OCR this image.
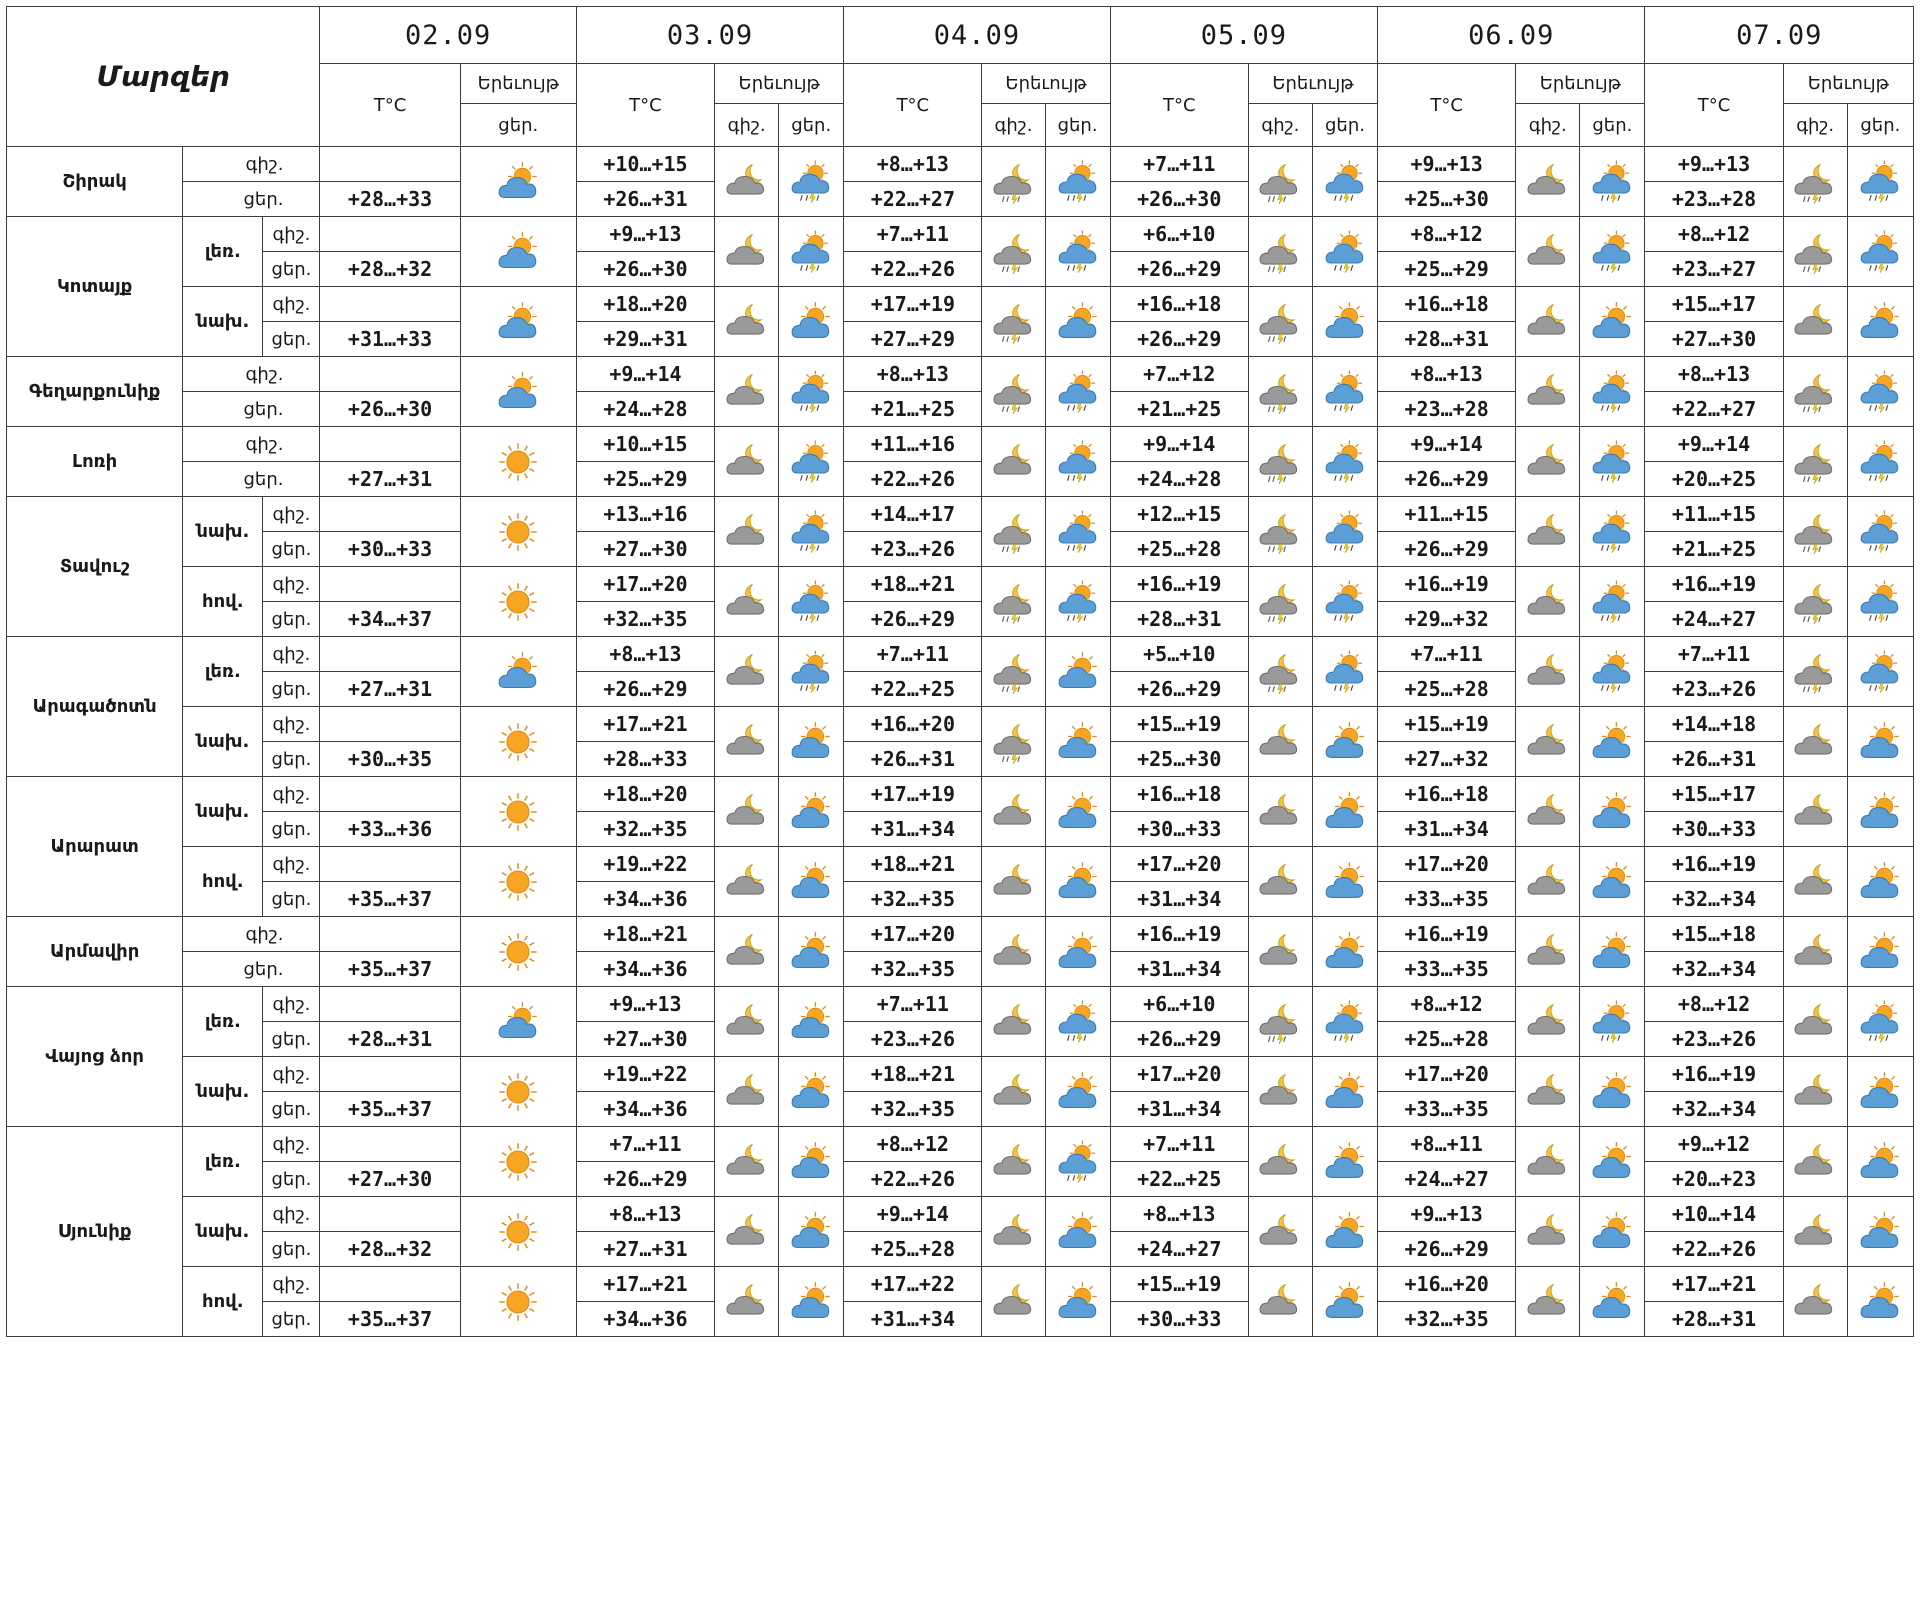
Մարզեր			02.09		03.09			04.09			05.09			06.09			07.09		
			T°C	Երեւույթ	T°C	Երեւույթ		T°C	Երեւույթ		T°C	Երեւույթ		T°C	Երեւույթ		T°C	Երեւույթ	
				ցեր.		գիշ.	ցեր.		գիշ.	ցեր.		գիշ.	ցեր.		գիշ.	ցեր.		գիշ.	ցեր.
Շիրակ	գիշ.				+10…+15			+8…+13			+7…+11			+9…+13			+9…+13	

	ցեր.		+28…+33		+26…+31			+22…+27			+26…+30			+25…+30			+23…+28		
Կոտայք	լեռ.	գիշ.			+9…+13			+7…+11			+6…+10			+8…+12			+8…+12	

		ցեր.	+28…+32		+26…+30			+22…+26			+26…+29			+25…+29			+23…+27		
	նախ.	գիշ.			+18…+20			+17…+19			+16…+18			+16…+18			+15…+17	

		ցեր.	+31…+33		+29…+31			+27…+29			+26…+29			+28…+31			+27…+30		
Գեղարքունիք	գիշ.				+9…+14			+8…+13			+7…+12			+8…+13			+8…+13	

	ցեր.		+26…+30		+24…+28			+21…+25			+21…+25			+23…+28			+22…+27		
Լոռի	գիշ.				+10…+15			+11…+16			+9…+14			+9…+14			+9…+14	

	ցեր.		+27…+31		+25…+29			+22…+26			+24…+28			+26…+29			+20…+25		
Տավուշ	նախ.	գիշ.			+13…+16			+14…+17			+12…+15			+11…+15			+11…+15	

		ցեր.	+30…+33		+27…+30			+23…+26			+25…+28			+26…+29			+21…+25		
	հով.	գիշ.			+17…+20			+18…+21			+16…+19			+16…+19			+16…+19	

		ցեր.	+34…+37		+32…+35			+26…+29			+28…+31			+29…+32			+24…+27		
Արագածոտն	լեռ.	գիշ.			+8…+13			+7…+11			+5…+10			+7…+11			+7…+11	

		ցեր.	+27…+31		+26…+29			+22…+25			+26…+29			+25…+28			+23…+26		
	նախ.	գիշ.			+17…+21			+16…+20			+15…+19			+15…+19			+14…+18	

		ցեր.	+30…+35		+28…+33			+26…+31			+25…+30			+27…+32			+26…+31		
Արարատ	նախ.	գիշ.			+18…+20			+17…+19			+16…+18			+16…+18			+15…+17	

		ցեր.	+33…+36		+32…+35			+31…+34			+30…+33			+31…+34			+30…+33		
	հով.	գիշ.			+19…+22			+18…+21			+17…+20			+17…+20			+16…+19	

		ցեր.	+35…+37		+34…+36			+32…+35			+31…+34			+33…+35			+32…+34		
Արմավիր	գիշ.				+18…+21			+17…+20			+16…+19			+16…+19			+15…+18	

	ցեր.		+35…+37		+34…+36			+32…+35			+31…+34			+33…+35			+32…+34		
Վայոց ձոր	լեռ.	գիշ.			+9…+13			+7…+11			+6…+10			+8…+12			+8…+12	

		ցեր.	+28…+31		+27…+30			+23…+26			+26…+29			+25…+28			+23…+26		
	նախ.	գիշ.			+19…+22			+18…+21			+17…+20			+17…+20			+16…+19	

		ցեր.	+35…+37		+34…+36			+32…+35			+31…+34			+33…+35			+32…+34		
Սյունիք	լեռ.	գիշ.			+7…+11			+8…+12			+7…+11			+8…+11			+9…+12	

		ցեր.	+27…+30		+26…+29			+22…+26			+22…+25			+24…+27			+20…+23		
	նախ.	գիշ.			+8…+13			+9…+14			+8…+13			+9…+13			+10…+14	

		ցեր.	+28…+32		+27…+31			+25…+28			+24…+27			+26…+29			+22…+26		
	հով.	գիշ.			+17…+21			+17…+22			+15…+19			+16…+20			+17…+21	

		ցեր.	+35…+37		+34…+36			+31…+34			+30…+33			+32…+35			+28…+31		
